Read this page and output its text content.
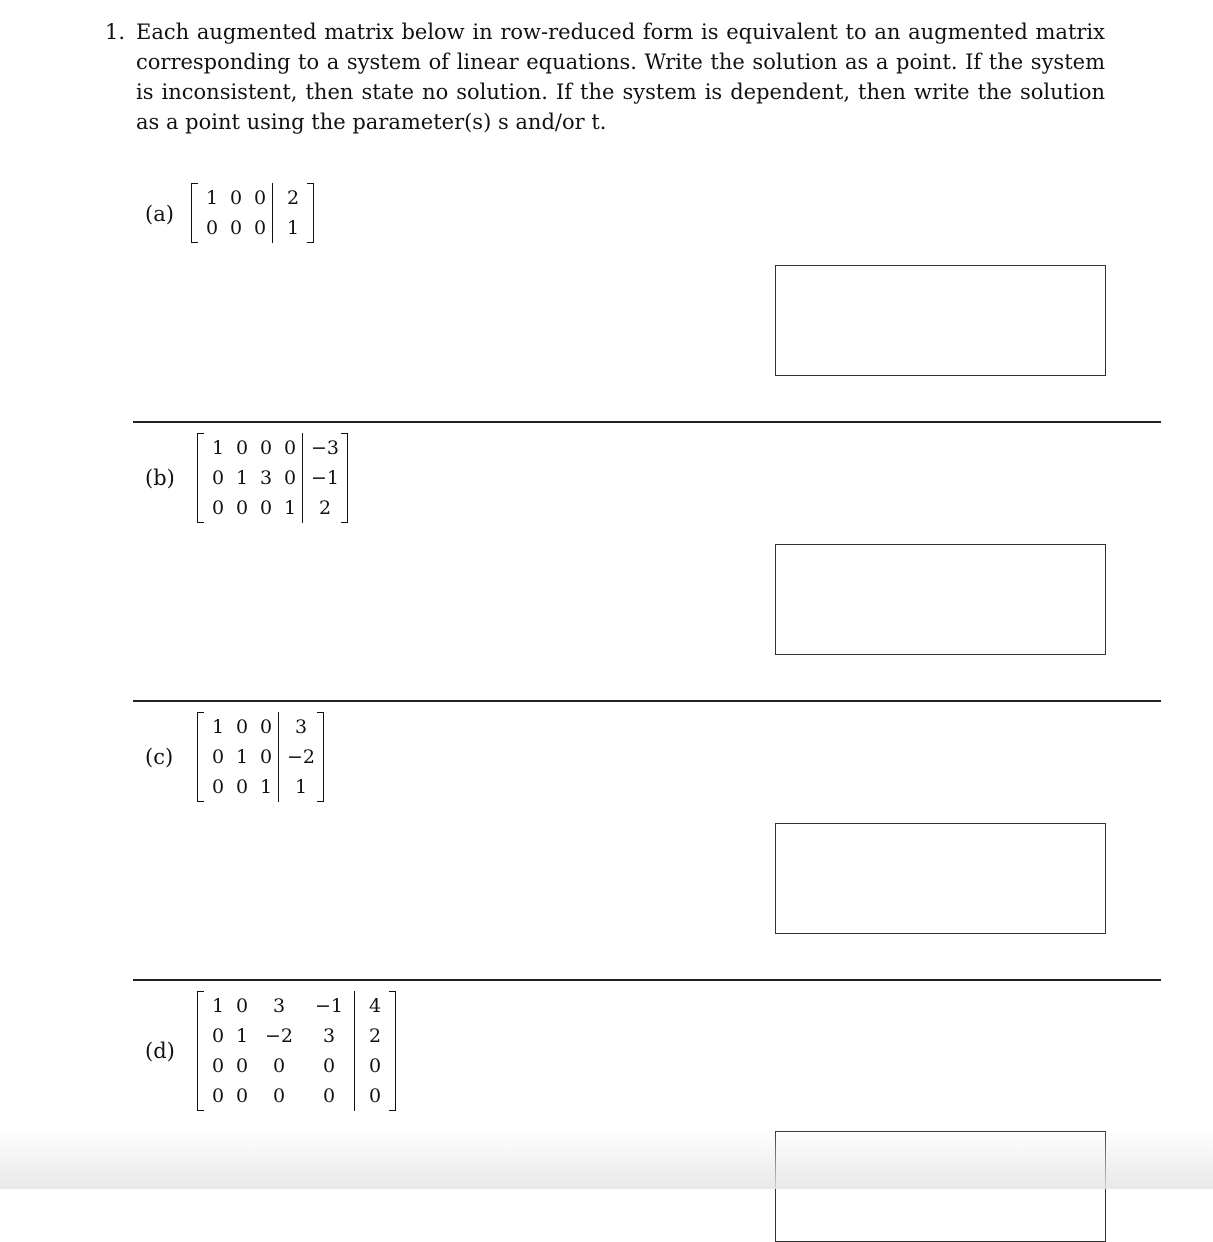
1. Each augmented matrix below in row-reduced form is equivalent to an augmented matrix corresponding to a system of linear equations. Write the solution as a point. If the system is inconsistent, then state no solution. If the system is dependent, then write the solution as a point using the parameter(s) s and/or t.
(a)
1	0	0	2
0	0	0	1
(b)
1	0	0	0	−3
0	1	3	0	−1
0	0	0	1	2
(c)
1	0	0	3
0	1	0	−2
0	0	1	1
(d)
1	0	3	−1	4
0	1	−2	3	2
0	0	0	0	0
0	0	0	0	0
